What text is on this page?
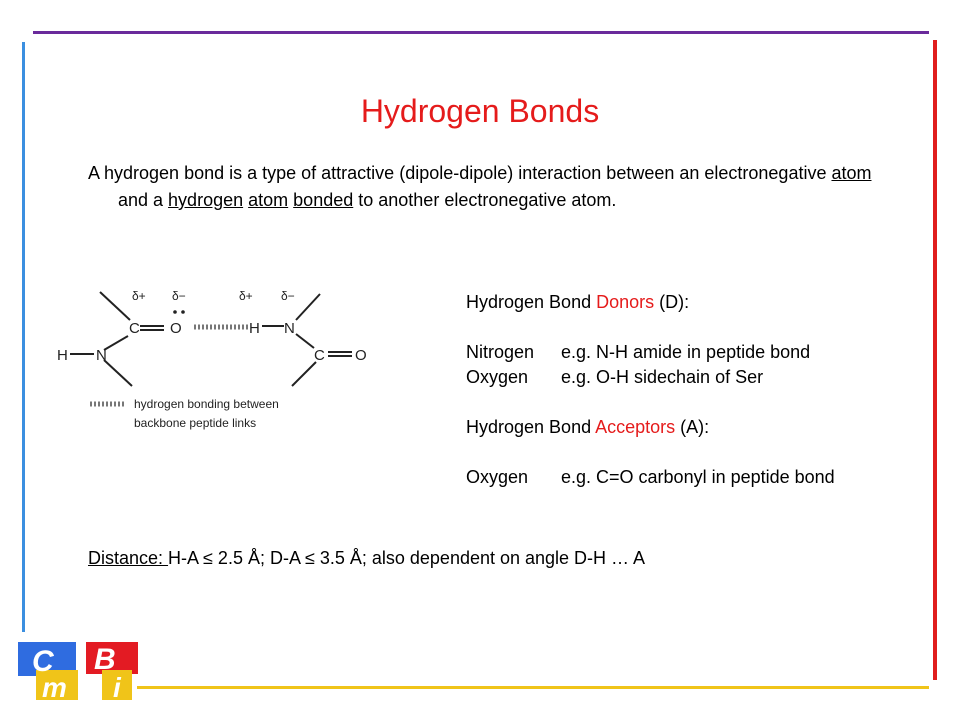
Hydrogen Bonds
A hydrogen bond is a type of attractive (dipole-dipole) interaction between an electronegative atom and a hydrogen atom bonded to another electronegative atom.
δ+ δ−	δ+ δ−
C O	H N
H N	C O
hydrogen bonding between
backbone peptide links
Hydrogen Bond Donors (D):
Nitrogen	e.g. N-H amide in peptide bond
Oxygen	e.g. O-H sidechain of Ser
Hydrogen Bond Acceptors (A):
Oxygen	e.g. C=O carbonyl in peptide bond
Distance: H-A ≤ 2.5 Å; D-A ≤ 3.5 Å; also dependent on angle D-H … A
C B
m i
